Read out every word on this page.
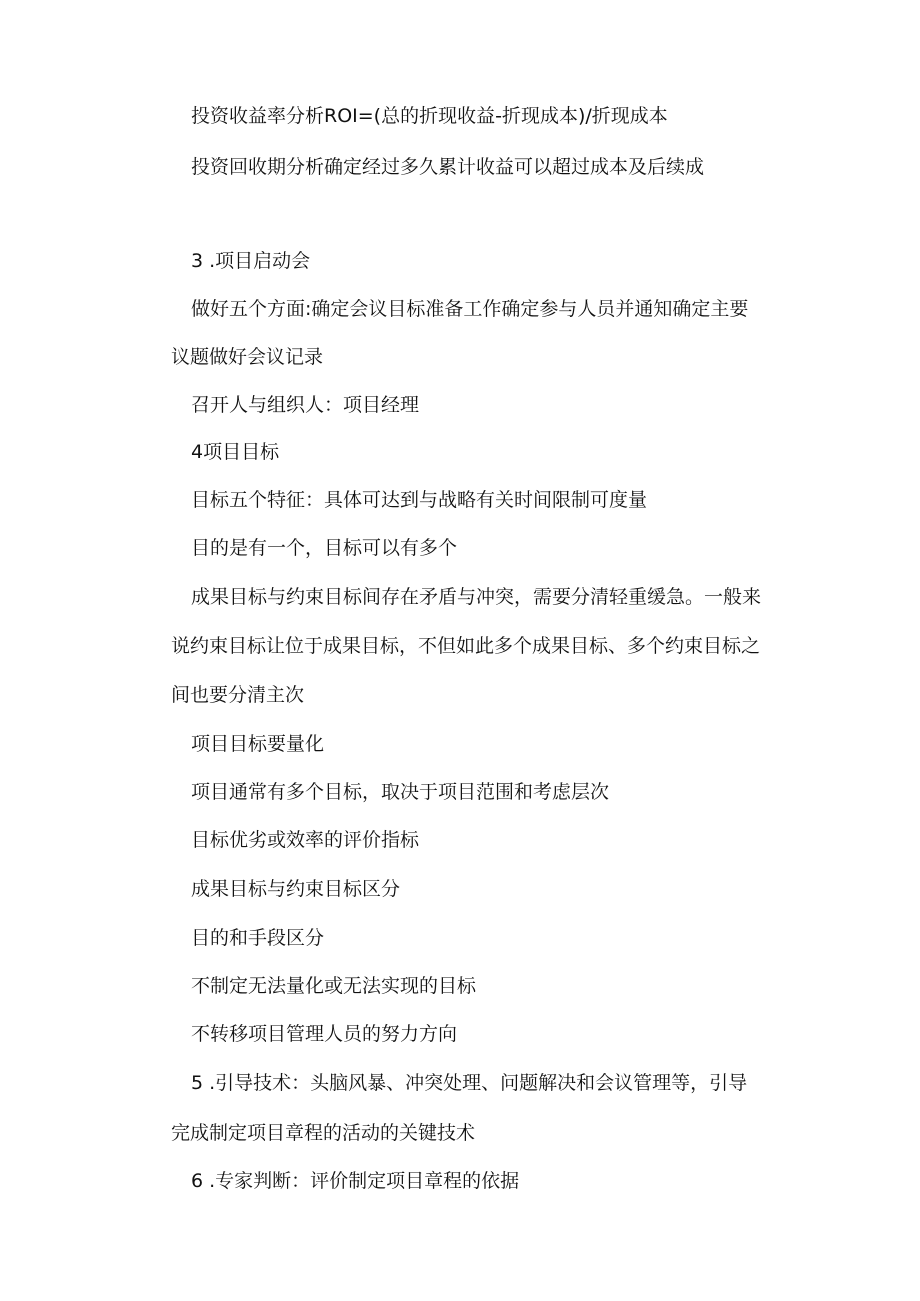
投资收益率分析ROI=(总的折现收益-折现成本)/折现成本

投资回收期分析确定经过多久累计收益可以超过成本及后续成

3 .项目启动会

做好五个方面:确定会议目标准备工作确定参与人员并通知确定主要

议题做好会议记录

召开人与组织人：项目经理

4项目目标

目标五个特征：具体可达到与战略有关时间限制可度量

目的是有一个，目标可以有多个

成果目标与约束目标间存在矛盾与冲突，需要分清轻重缓急。一般来

说约束目标让位于成果目标，不但如此多个成果目标、多个约束目标之

间也要分清主次

项目目标要量化

项目通常有多个目标，取决于项目范围和考虑层次

目标优劣或效率的评价指标

成果目标与约束目标区分

目的和手段区分

不制定无法量化或无法实现的目标

不转移项目管理人员的努力方向

5 .引导技术：头脑风暴、冲突处理、问题解决和会议管理等，引导

完成制定项目章程的活动的关键技术

6 .专家判断：评价制定项目章程的依据
